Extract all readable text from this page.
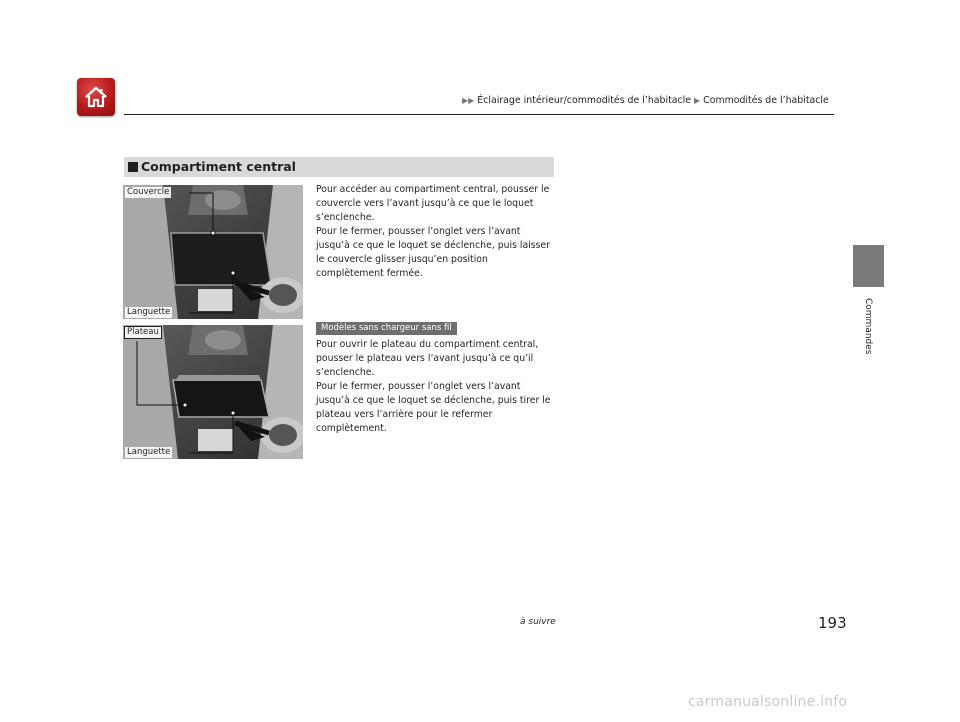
▶▶ Éclairage intérieur/commodités de l’habitacle ▶ Commodités de l’habitacle
Commandes
Compartiment central
Couvercle
Languette
Plateau
Languette

Pour accéder au compartiment central, pousser le couvercle vers l’avant jusqu’à ce que le loquet s’enclenche.

Pour le fermer, pousser l’onglet vers l’avant jusqu’à ce que le loquet se déclenche, puis laisser le couvercle glisser jusqu’en position complètement fermée.

Modèles sans chargeur sans fil

Pour ouvrir le plateau du compartiment central, pousser le plateau vers l’avant jusqu’à ce qu’il s’enclenche.

Pour le fermer, pousser l’onglet vers l’avant jusqu’à ce que le loquet se déclenche, puis tirer le plateau vers l’arrière pour le refermer complètement.

à suivre	193
carmanualsonline.info
